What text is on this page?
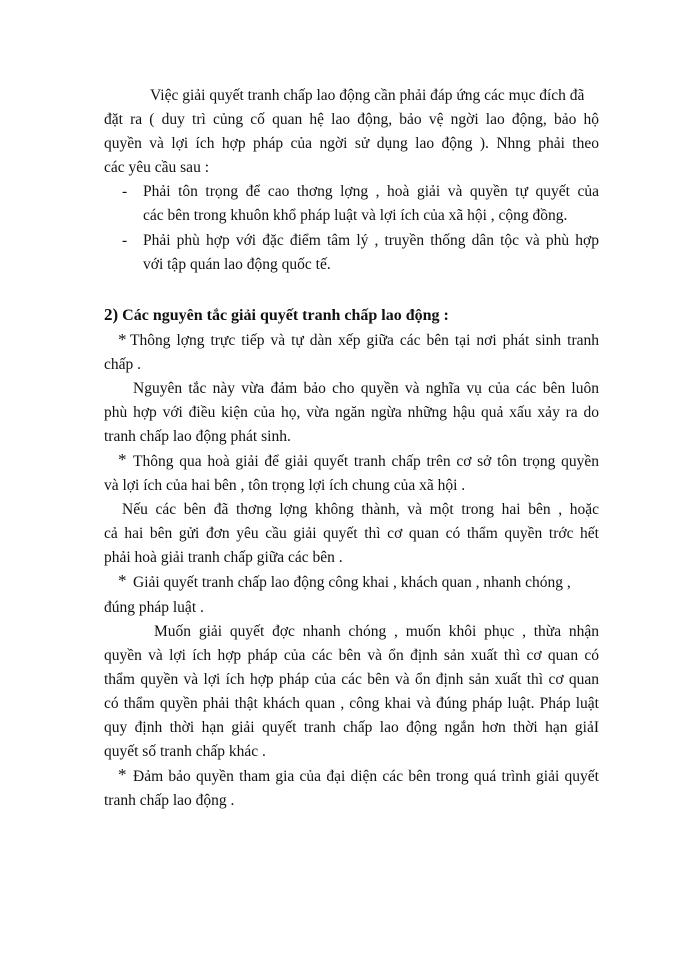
Việc giải quyết tranh chấp lao động cần phải đáp ứng các mục đích đã

đặt ra ( duy trì củng cố quan hệ lao động, bảo vệ ngời lao động, bảo hộ

quyền và lợi ích hợp pháp của ngời sử dụng lao động ). Nhng phải theo

các yêu cầu sau :

- Phải tôn trọng để cao thơng lợng , hoà giải và quyền tự quyết của

các bên trong khuôn khổ pháp luật và lợi ích của xã hội , cộng đồng.

- Phải phù hợp với đặc điểm tâm lý , truyền thống dân tộc và phù hợp

với tập quán lao động quốc tế.

2) Các nguyên tắc giải quyết tranh chấp lao động :

* Thông lợng trực tiếp và tự dàn xếp giữa các bên tại nơi phát sinh tranh

chấp .

Nguyên tắc này vừa đảm bảo cho quyền và nghĩa vụ của các bên luôn

phù hợp với điều kiện của họ, vừa ngăn ngừa những hậu quả xấu xảy ra do

tranh chấp lao động phát sinh.

* Thông qua hoà giải để giải quyết tranh chấp trên cơ sở tôn trọng quyền

và lợi ích của hai bên , tôn trọng lợi ích chung của xã hội .

Nếu các bên đã thơng lợng không thành, và một trong hai bên , hoặc

cả hai bên gửi đơn yêu cầu giải quyết thì cơ quan có thẩm quyền trớc hết

phải hoà giải tranh chấp giữa các bên .

* Giải quyết tranh chấp lao động công khai , khách quan , nhanh chóng ,

đúng pháp luật .

Muốn giải quyết đợc nhanh chóng , muốn khôi phục , thừa nhận

quyền và lợi ích hợp pháp của các bên và ổn định sản xuất thì cơ quan có

thẩm quyền và lợi ích hợp pháp của các bên và ổn định sản xuất thì cơ quan

có thẩm quyền phải thật khách quan , công khai và đúng pháp luật. Pháp luật

quy định thời hạn giải quyết tranh chấp lao động ngắn hơn thời hạn giảI

quyết số tranh chấp khác .

* Đảm bảo quyền tham gia của đại diện các bên trong quá trình giải quyết

tranh chấp lao động .
